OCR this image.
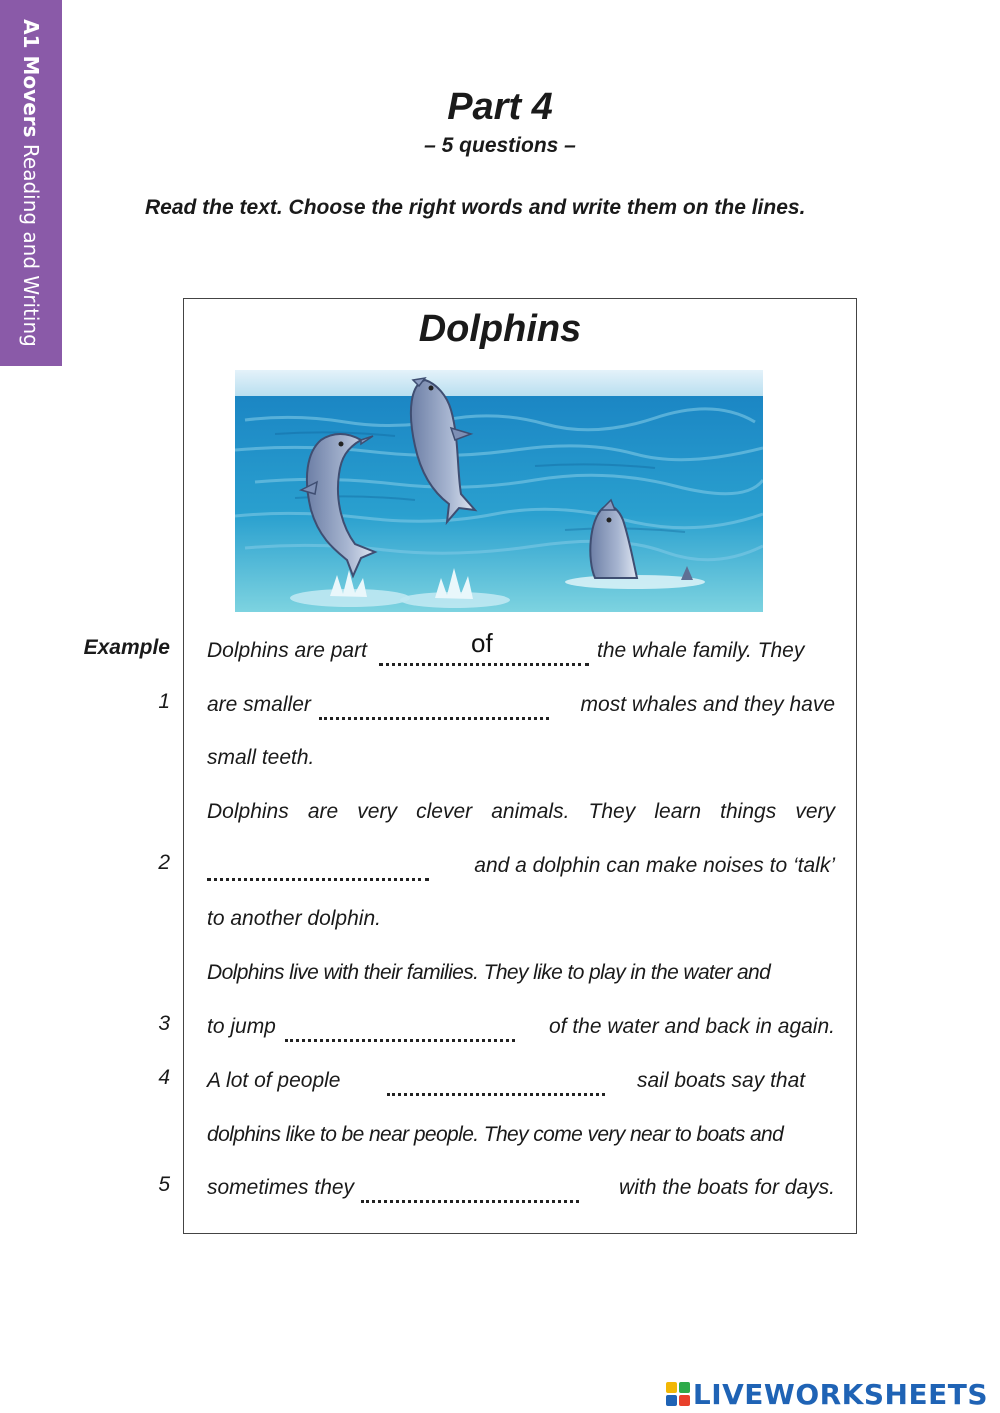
A1 Movers Reading and Writing
Part 4
– 5 questions –
Read the text. Choose the right words and write them on the lines.
Dolphins
Example
1
2
3
4
5
Dolphins are part	of	the whale family. They
are smaller	most whales and they have
small teeth.
Dolphins are very clever animals. They learn things very
and a dolphin can make noises to ‘talk’
to another dolphin.
Dolphins live with their families. They like to play in the water and
to jump	of the water and back in again.
A lot of people	sail boats say that
dolphins like to be near people. They come very near to boats and
sometimes they	with the boats for days.
LIVEWORKSHEETS
